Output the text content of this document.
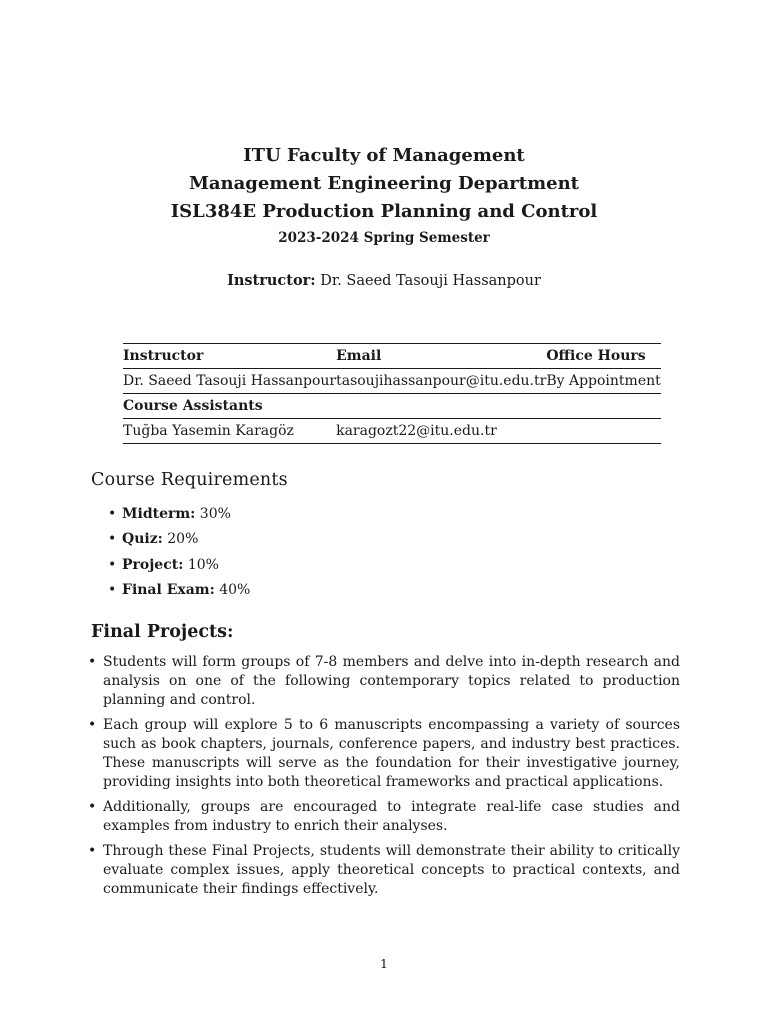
ITU Faculty of Management
Management Engineering Department
ISL384E Production Planning and Control
2023-2024 Spring Semester
Instructor: Dr. Saeed Tasouji Hassanpour
Instructor	Email	Office Hours
Dr. Saeed Tasouji Hassanpour	tasoujihassanpour@itu.edu.tr	By Appointment
Course Assistants		
Tuğba Yasemin Karagöz	karagozt22@itu.edu.tr	
Course Requirements
• Midterm: 30%
• Quiz: 20%
• Project: 10%
• Final Exam: 40%
Final Projects:
• Students will form groups of 7-8 members and delve into in-depth research and analysis on one of the following contemporary topics related to production planning and control.
• Each group will explore 5 to 6 manuscripts encompassing a variety of sources such as book chapters, journals, conference papers, and industry best practices. These manuscripts will serve as the foundation for their investigative journey, providing insights into both theoretical frameworks and practical applications.
• Additionally, groups are encouraged to integrate real-life case studies and examples from industry to enrich their analyses.
• Through these Final Projects, students will demonstrate their ability to critically evaluate complex issues, apply theoretical concepts to practical contexts, and communicate their findings effectively.
1
